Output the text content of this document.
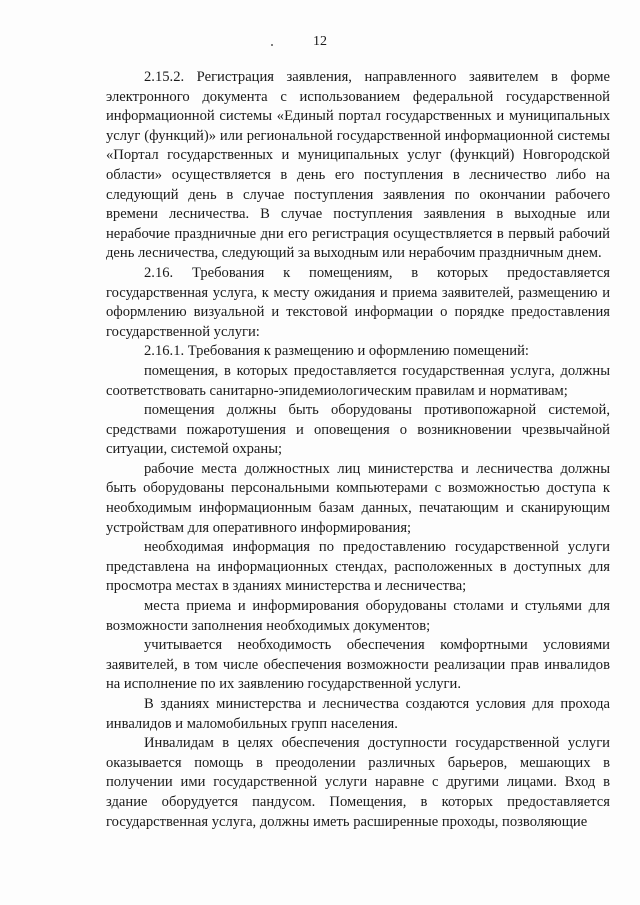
12

2.15.2. Регистрация заявления, направленного заявителем в форме электронного документа с использованием федеральной государственной информационной системы «Единый портал государственных и муниципальных услуг (функций)» или региональной государственной информационной системы «Портал государственных и муниципальных услуг (функций) Новгородской области» осуществляется в день его поступления в лесничество либо на следующий день в случае поступления заявления по окончании рабочего времени лесничества. В случае поступления заявления в выходные или нерабочие праздничные дни его регистрация осуществляется в первый рабочий день лесничества, следующий за выходным или нерабочим праздничным днем.

2.16. Требования к помещениям, в которых предоставляется государственная услуга, к месту ожидания и приема заявителей, размещению и оформлению визуальной и текстовой информации о порядке предоставления государственной услуги:

2.16.1. Требования к размещению и оформлению помещений:

помещения, в которых предоставляется государственная услуга, должны соответствовать санитарно-эпидемиологическим правилам и нормативам;

помещения должны быть оборудованы противопожарной системой, средствами пожаротушения и оповещения о возникновении чрезвычайной ситуации, системой охраны;

рабочие места должностных лиц министерства и лесничества должны быть оборудованы персональными компьютерами с возможностью доступа к необходимым информационным базам данных, печатающим и сканирующим устройствам для оперативного информирования;

необходимая информация по предоставлению государственной услуги представлена на информационных стендах, расположенных в доступных для просмотра местах в зданиях министерства и лесничества;

места приема и информирования оборудованы столами и стульями для возможности заполнения необходимых документов;

учитывается необходимость обеспечения комфортными условиями заявителей, в том числе обеспечения возможности реализации прав инвалидов на исполнение по их заявлению государственной услуги.

В зданиях министерства и лесничества создаются условия для прохода инвалидов и маломобильных групп населения.

Инвалидам в целях обеспечения доступности государственной услуги оказывается помощь в преодолении различных барьеров, мешающих в получении ими государственной услуги наравне с другими лицами. Вход в здание оборудуется пандусом. Помещения, в которых предоставляется государственная услуга, должны иметь расширенные проходы, позволяющие
